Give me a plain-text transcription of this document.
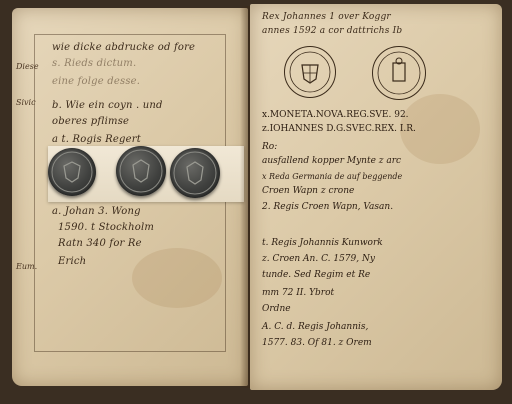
wie dicke abdrucke od fore
s. Rieds dictum.
eine folge desse.
b. Wie ein coyn . und
oberes pflimse
a t. Rogis Regert
Diese
Sivic
Eum.
a. Johan 3. Wong
1590. t Stockholm
Ratn 340 for Re
Erich
Rex Johannes 1 over Koggr
annes 1592 a cor dattrichs Ib
x.MONETA.NOVA.REG.SVE. 92.
z.IOHANNES D.G.SVEC.REX. I.R.
Ro:
ausfallend kopper Mynte z arc
x Reda Germania de auf beggende
Croen Wapn z crone
2. Regis Croen Wapn, Vasan.
t. Regis Johannis Kunwork
z. Croen An. C. 1579, Ny
tunde. Sed Regim et Re
mm 72 II. Ybrot
Ordne
A. C. d. Regis Johannis,
1577. 83. Of 81. z Orem
